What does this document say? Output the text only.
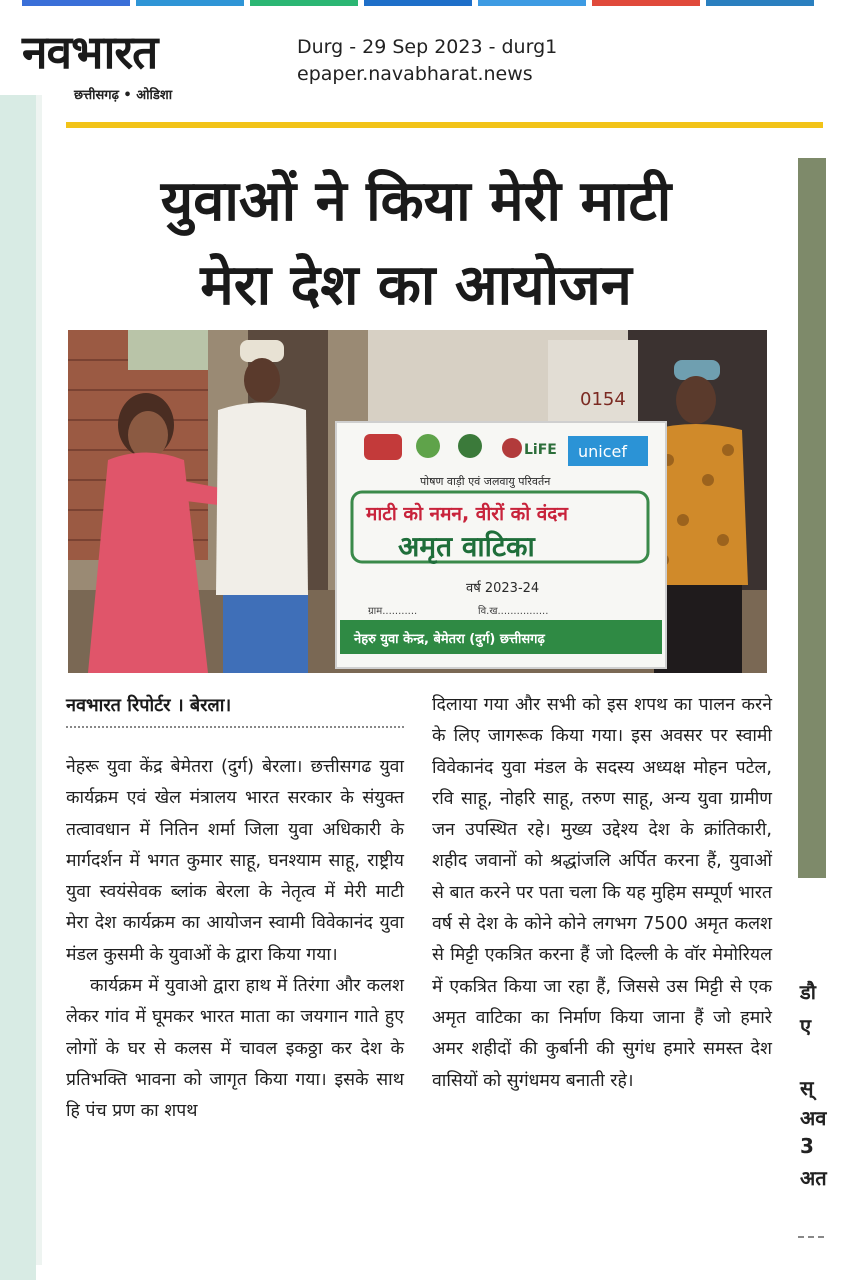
नवभारत
छत्तीसगढ़ • ओडिशा
Durg - 29 Sep 2023 - durg1
epaper.navabharat.news
युवाओं ने किया मेरी माटी
मेरा देश का आयोजन
0154
LiFE unicef
पोषण वाड़ी एवं जलवायु परिवर्तन
माटी को नमन, वीरों को वंदन
अमृत वाटिका
वर्ष 2023-24
ग्राम...........	वि.ख................
नेहरु युवा केन्द्र, बेमेतरा (दुर्ग) छत्तीसगढ़
नवभारत रिपोर्टर । बेरला।

नेहरू युवा केंद्र बेमेतरा (दुर्ग) बेरला। छत्तीसगढ युवा कार्यक्रम एवं खेल मंत्रालय भारत सरकार के संयुक्त तत्वावधान में नितिन शर्मा जिला युवा अधिकारी के मार्गदर्शन में भगत कुमार साहू, घनश्याम साहू, राष्ट्रीय युवा स्वयंसेवक ब्लांक बेरला के नेतृत्व में मेरी माटी मेरा देश कार्यक्रम का आयोजन स्वामी विवेकानंद युवा मंडल कुसमी के युवाओं के द्वारा किया गया।

कार्यक्रम में युवाओ द्वारा हाथ में तिरंगा और कलश लेकर गांव में घूमकर भारत माता का जयगान गाते हुए लोगों के घर से कलस में चावल इकठ्ठा कर देश के प्रतिभक्ति भावना को जागृत किया गया। इसके साथ हि पंच प्रण का शपथ

दिलाया गया और सभी को इस शपथ का पालन करने के लिए जागरूक किया गया। इस अवसर पर स्वामी विवेकानंद युवा मंडल के सदस्य अध्यक्ष मोहन पटेल, रवि साहू, नोहरि साहू, तरुण साहू, अन्य युवा ग्रामीण जन उपस्थित रहे। मुख्य उद्देश्य देश के क्रांतिकारी, शहीद जवानों को श्रद्धांजलि अर्पित करना हैं, युवाओं से बात करने पर पता चला कि यह मुहिम सम्पूर्ण भारत वर्ष से देश के कोने कोने लगभग 7500 अमृत कलश से मिट्टी एकत्रित करना हैं जो दिल्ली के वॉर मेमोरियल में एकत्रित किया जा रहा हैं, जिससे उस मिट्टी से एक अमृत वाटिका का निर्माण किया जाना हैं जो हमारे अमर शहीदों की कुर्बानी की सुगंध हमारे समस्त देश वासियों को सुगंधमय बनाती रहे।

डौ
ए
स्
अव
3
अत
